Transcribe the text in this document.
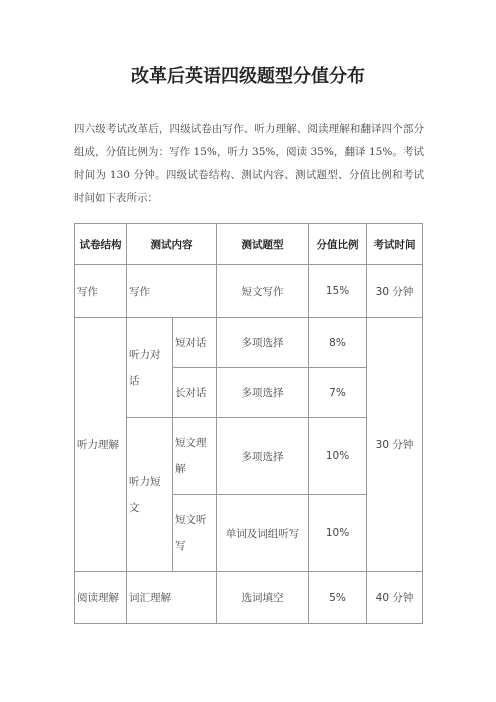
改革后英语四级题型分值分布
四六级考试改革后，四级试卷由写作、听力理解、阅读理解和翻译四个部分组成，分值比例为：写作 15%，听力 35%，阅读 35%，翻译 15%。考试时间为 130 分钟。四级试卷结构、测试内容、测试题型、分值比例和考试时间如下表所示：
试卷结构	测试内容		测试题型	分值比例	考试时间
写作	写作		短文写作	15%	30 分钟
听力理解	听力对话	短对话	多项选择	8%	30 分钟
		长对话	多项选择	7%	
	听力短文	短文理解	多项选择	10%	
		短文听写	单词及词组听写	10%	
阅读理解	词汇理解		选词填空	5%	40 分钟
